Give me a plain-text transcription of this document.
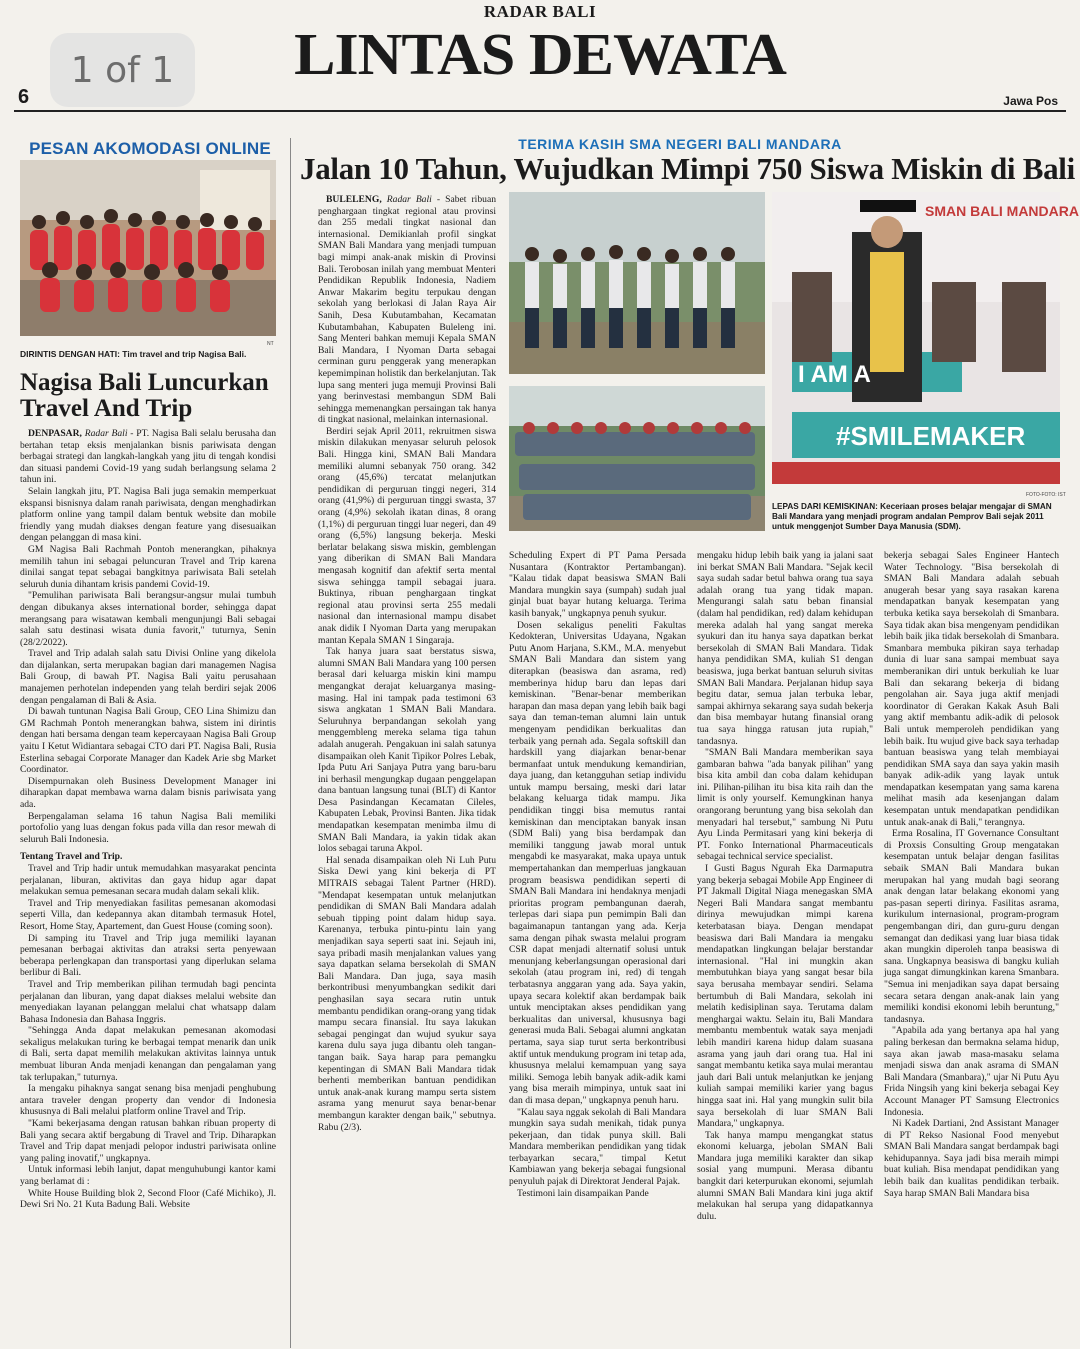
RADAR BALI
LINTAS DEWATA
6	Jawa Pos
1 of 1
PESAN AKOMODASI ONLINE
NT
DIRINTIS DENGAN HATI: Tim travel and trip Nagisa Bali.
Nagisa Bali Luncurkan Travel And Trip

DENPASAR, Radar Bali - PT. Nagisa Bali selalu berusaha dan bertahan tetap eksis menjalankan bisnis pariwisata dengan berbagai strategi dan langkah-langkah yang jitu di tengah kondisi dan situasi pandemi Covid-19 yang sudah berlangsung selama 2 tahun ini.

Selain langkah jitu, PT. Nagisa Bali juga semakin memperkuat ekspansi bisnisnya dalam ranah pariwisata, dengan menghadirkan platform online yang tampil dalam bentuk website dan mobile friendly yang mudah diakses dengan feature yang disesuaikan dengan pelanggan di masa kini.

GM Nagisa Bali Rachmah Pontoh menerangkan, pihaknya memilih tahun ini sebagai peluncuran Travel and Trip karena dinilai sangat tepat sebagai bangkitnya pariwisata Bali setelah seluruh dunia dihantam krisis pandemi Covid-19.

"Pemulihan pariwisata Bali berangsur-angsur mulai tumbuh dengan dibukanya akses international border, sehingga dapat merangsang para wisatawan kembali mengunjungi Bali sebagai salah satu destinasi wisata dunia favorit," tuturnya, Senin (28/2/2022).

Travel and Trip adalah salah satu Divisi Online yang dikelola dan dijalankan, serta merupakan bagian dari managemen Nagisa Bali Group, di bawah PT. Nagisa Bali yaitu perusahaan manajemen perhotelan independen yang telah berdiri sejak 2006 dengan pengalaman di Bali & Asia.

Di bawah tuntunan Nagisa Bali Group, CEO Lina Shimizu dan GM Rachmah Pontoh menerangkan bahwa, sistem ini dirintis dengan hati bersama dengan team kepercayaan Nagisa Bali Group yaitu I Ketut Widiantara sebagai CTO dari PT. Nagisa Bali, Rusia Esterlina sebagai Corporate Manager dan Kadek Arie sbg Market Coordinator.

Disempurnakan oleh Business Development Manager ini diharapkan dapat membawa warna dalam bisnis pariwisata yang ada.

Berpengalaman selama 16 tahun Nagisa Bali memiliki portofolio yang luas dengan fokus pada villa dan resor mewah di seluruh Bali Indonesia.

Tentang Travel and Trip.

Travel and Trip hadir untuk memudahkan masyarakat pencinta perjalanan, liburan, aktivitas dan gaya hidup agar dapat melakukan semua pemesanan secara mudah dalam sekali klik.

Travel and Trip menyediakan fasilitas pemesanan akomodasi seperti Villa, dan kedepannya akan ditambah termasuk Hotel, Resort, Home Stay, Apartement, dan Guest House (coming soon).

Di samping itu Travel and Trip juga memiliki layanan pemesanan berbagai aktivitas dan atraksi serta penyewaan beberapa perlengkapan dan transportasi yang diperlukan selama berlibur di Bali.

Travel and Trip memberikan pilihan termudah bagi pencinta perjalanan dan liburan, yang dapat diakses melalui website dan menyediakan layanan pelanggan melalui chat whatsapp dalam Bahasa Indonesia dan Bahasa Inggris.

"Sehingga Anda dapat melakukan pemesanan akomodasi sekaligus melakukan turing ke berbagai tempat menarik dan unik di Bali, serta dapat memilih melakukan aktivitas lainnya untuk membuat liburan Anda menjadi kenangan dan pengalaman yang tak terlupakan," tuturnya.

Ia mengaku pihaknya sangat senang bisa menjadi penghubung antara traveler dengan property dan vendor di Indonesia khususnya di Bali melalui platform online Travel and Trip.

"Kami bekerjasama dengan ratusan bahkan ribuan property di Bali yang secara aktif bergabung di Travel and Trip. Diharapkan Travel and Trip dapat menjadi pelopor industri pariwisata online yang paling inovatif," ungkapnya.

Untuk informasi lebih lanjut, dapat menguhubungi kantor kami yang berlamat di :

White House Building blok 2, Second Floor (Café Michiko), Jl. Dewi Sri No. 21 Kuta Badung Bali. Website

TERIMA KASIH SMA NEGERI BALI MANDARA
Jalan 10 Tahun, Wujudkan Mimpi 750 Siswa Miskin di Bali

BULELENG, Radar Bali - Sabet ribuan penghargaan tingkat regional atau provinsi dan 255 medali tingkat nasional dan internasional. Demikianlah profil singkat SMAN Bali Mandara yang menjadi tumpuan bagi mimpi anak-anak miskin di Provinsi Bali. Terobosan inilah yang membuat Menteri Pendidikan Republik Indonesia, Nadiem Anwar Makarim begitu terpukau dengan sekolah yang berlokasi di Jalan Raya Air Sanih, Desa Kubutambahan, Kecamatan Kubutambahan, Kabupaten Buleleng ini. Sang Menteri bahkan memuji Kepala SMAN Bali Mandara, I Nyoman Darta sebagai cerminan guru penggerak yang menerapkan kepemimpinan holistik dan berkelanjutan. Tak lupa sang menteri juga memuji Provinsi Bali yang berinvestasi membangun SDM Bali sehingga memenangkan persaingan tak hanya di tingkat nasional, melainkan internasional.

Berdiri sejak April 2011, rekruitmen siswa miskin dilakukan menyasar seluruh pelosok Bali. Hingga kini, SMAN Bali Mandara memiliki alumni sebanyak 750 orang. 342 orang (45,6%) tercatat melanjutkan pendidikan di perguruan tinggi negeri, 314 orang (41,9%) di perguruan tinggi swasta, 37 orang (4,9%) sekolah ikatan dinas, 8 orang (1,1%) di perguruan tinggi luar negeri, dan 49 orang (6,5%) langsung bekerja. Meski berlatar belakang siswa miskin, gemblengan yang diberikan di SMAN Bali Mandara mengasah kognitif dan afektif serta mental siswa sehingga tampil sebagai juara. Buktinya, ribuan penghargaan tingkat regional atau provinsi serta 255 medali nasional dan internasional mampu disabet anak didik I Nyoman Darta yang merupakan mantan Kepala SMAN 1 Singaraja.

Tak hanya juara saat berstatus siswa, alumni SMAN Bali Mandara yang 100 persen berasal dari keluarga miskin kini mampu mengangkat derajat keluarganya masing-masing. Hal ini tampak pada testimoni 63 siswa angkatan 1 SMAN Bali Mandara. Seluruhnya berpandangan sekolah yang menggembleng mereka selama tiga tahun adalah anugerah. Pengakuan ini salah satunya disampaikan oleh Kanit Tipikor Polres Lebak, Ipda Putu Ari Sanjaya Putra yang baru-baru ini berhasil mengungkap dugaan penggelapan dana bantuan langsung tunai (BLT) di Kantor Desa Pasindangan Kecamatan Cileles, Kabupaten Lebak, Provinsi Banten. Jika tidak mendapatkan kesempatan menimba ilmu di SMAN Bali Mandara, ia yakin tidak akan lolos sebagai taruna Akpol.

Hal senada disampaikan oleh Ni Luh Putu Siska Dewi yang kini bekerja di PT MITRAIS sebagai Talent Partner (HRD). "Mendapat kesempatan untuk melanjutkan pendidikan di SMAN Bali Mandara adalah sebuah tipping point dalam hidup saya. Karenanya, terbuka pintu-pintu lain yang menjadikan saya seperti saat ini. Sejauh ini, saya pribadi masih menjalankan values yang saya dapatkan selama bersekolah di SMAN Bali Mandara. Dan juga, saya masih berkontribusi menyumbangkan sedikit dari penghasilan saya secara rutin untuk membantu pendidikan orang-orang yang tidak mampu secara finansial. Itu saya lakukan sebagai pengingat dan wujud syukur saya karena dulu saya juga dibantu oleh tangan-tangan baik. Saya harap para pemangku kepentingan di SMAN Bali Mandara tidak berhenti memberikan bantuan pendidikan untuk anak-anak kurang mampu serta sistem asrama yang menurut saya benar-benar membangun karakter dengan baik," sebutnya. Rabu (2/3).

SMAN BALI MANDARA
I AM A
#SMILEMAKER
FOTO-FOTO: IST
LEPAS DARI KEMISKINAN: Keceriaan proses belajar mengajar di SMAN Bali Mandara yang menjadi program andalan Pemprov Bali sejak 2011 untuk menggenjot Sumber Daya Manusia (SDM).

Scheduling Expert di PT Pama Persada Nusantara (Kontraktor Pertambangan). "Kalau tidak dapat beasiswa SMAN Bali Mandara mungkin saya (sumpah) sudah jual ginjal buat bayar hutang keluarga. Terima kasih banyak," ungkapnya penuh syukur.

Dosen sekaligus peneliti Fakultas Kedokteran, Universitas Udayana, Ngakan Putu Anom Harjana, S.KM., M.A. menyebut SMAN Bali Mandara dan sistem yang diterapkan (beasiswa dan asrama, red) memberinya hidup baru dan lepas dari kemiskinan. "Benar-benar memberikan harapan dan masa depan yang lebih baik bagi saya dan teman-teman alumni lain untuk mengenyam pendidikan berkualitas dan terbaik yang pernah ada. Segala softskill dan hardskill yang diajarkan benar-benar bermanfaat untuk mendukung kemandirian, daya juang, dan ketangguhan setiap individu untuk mampu bersaing, meski dari latar belakang keluarga tidak mampu. Jika pendidikan tinggi bisa memutus rantai kemiskinan dan menciptakan banyak insan (SDM Bali) yang bisa berdampak dan memiliki tanggung jawab moral untuk mengabdi ke masyarakat, maka upaya untuk mempertahankan dan memperluas jangkauan program beasiswa pendidikan seperti di SMAN Bali Mandara ini hendaknya menjadi prioritas program pembangunan daerah, terlepas dari siapa pun pemimpin Bali dan bagaimanapun tantangan yang ada. Kerja sama dengan pihak swasta melalui program CSR dapat menjadi alternatif solusi untuk menunjang keberlangsungan operasional dari sekolah (atau program ini, red) di tengah terbatasnya anggaran yang ada. Saya yakin, upaya secara kolektif akan berdampak baik untuk menciptakan akses pendidikan yang berkualitas dan universal, khususnya bagi generasi muda Bali. Sebagai alumni angkatan pertama, saya siap turut serta berkontribusi aktif untuk mendukung program ini tetap ada, khususnya melalui kemampuan yang saya miliki. Semoga lebih banyak adik-adik kami yang bisa meraih mimpinya, untuk saat ini dan di masa depan," ungkapnya penuh haru.

"Kalau saya nggak sekolah di Bali Mandara mungkin saya sudah menikah, tidak punya pekerjaan, dan tidak punya skill. Bali Mandara memberikan pendidikan yang tidak terbayarkan secara," timpal Ketut Kambiawan yang bekerja sebagai fungsional penyuluh pajak di Direktorat Jenderal Pajak.

Testimoni lain disampaikan Pande

mengaku hidup lebih baik yang ia jalani saat ini berkat SMAN Bali Mandara. "Sejak kecil saya sudah sadar betul bahwa orang tua saya adalah orang tua yang tidak mapan. Mengurangi salah satu beban finansial (dalam hal pendidikan, red) dalam kehidupan mereka adalah hal yang sangat mereka syukuri dan itu hanya saya dapatkan berkat bersekolah di SMAN Bali Mandara. Tidak hanya pendidikan SMA, kuliah S1 dengan beasiswa, juga berkat bantuan seluruh sivitas SMAN Bali Mandara. Perjalanan hidup saya begitu datar, semua jalan terbuka lebar, sampai akhirnya sekarang saya sudah bekerja dan bisa membayar hutang finansial orang tua saya hingga ratusan juta rupiah," tandasnya.

"SMAN Bali Mandara memberikan saya gambaran bahwa "ada banyak pilihan" yang bisa kita ambil dan coba dalam kehidupan ini. Pilihan-pilihan itu bisa kita raih dan the limit is only yourself. Kemungkinan hanya orangorang beruntung yang bisa sekolah dan menyadari hal tersebut," sambung Ni Putu Ayu Linda Permitasari yang kini bekerja di PT. Fonko International Pharmaceuticals sebagai technical service specialist.

I Gusti Bagus Ngurah Eka Darmaputra yang bekerja sebagai Mobile App Engineer di PT Jakmall Digital Niaga menegaskan SMA Negeri Bali Mandara sangat membantu dirinya mewujudkan mimpi karena keterbatasan biaya. Dengan mendapat beasiswa dari Bali Mandara ia mengaku mendapatkan lingkungan belajar berstandar internasional. "Hal ini mungkin akan membutuhkan biaya yang sangat besar bila saya berusaha membayar sendiri. Selama bertumbuh di Bali Mandara, sekolah ini melatih kedisiplinan saya. Terutama dalam menghargai waktu. Selain itu, Bali Mandara membantu membentuk watak saya menjadi lebih mandiri karena hidup dalam suasana asrama yang jauh dari orang tua. Hal ini sangat membantu ketika saya mulai merantau jauh dari Bali untuk melanjutkan ke jenjang kuliah sampai memiliki karier yang bagus hingga saat ini. Hal yang mungkin sulit bila saya bersekolah di luar SMAN Bali Mandara," ungkapnya.

Tak hanya mampu mengangkat status ekonomi keluarga, jebolan SMAN Bali Mandara juga memiliki karakter dan sikap sosial yang mumpuni. Merasa dibantu bangkit dari keterpurukan ekonomi, sejumlah alumni SMAN Bali Mandara kini juga aktif melakukan hal serupa yang didapatkannya dulu.

bekerja sebagai Sales Engineer Hantech Water Technology. "Bisa bersekolah di SMAN Bali Mandara adalah sebuah anugerah besar yang saya rasakan karena mendapatkan banyak kesempatan yang terbuka ketika saya bersekolah di Smanbara. Saya tidak akan bisa mengenyam pendidikan lebih baik jika tidak bersekolah di Smanbara. Smanbara membuka pikiran saya terhadap dunia di luar sana sampai membuat saya memberanikan diri untuk berkuliah ke luar Bali dan sekarang bekerja di bidang pengolahan air. Saya juga aktif menjadi koordinator di Gerakan Kakak Asuh Bali yang aktif membantu adik-adik di pelosok Bali untuk memperoleh pendidikan yang lebih baik. Itu wujud give back saya terhadap bantuan beasiswa yang telah membiayai pendidikan SMA saya dan saya yakin masih banyak adik-adik yang layak untuk mendapatkan kesempatan yang sama karena melihat masih ada kesenjangan dalam kesempatan untuk mendapatkan pendidikan untuk anak-anak di Bali," terangnya.

Erma Rosalina, IT Governance Consultant di Proxsis Consulting Group mengatakan kesempatan untuk belajar dengan fasilitas sebaik SMAN Bali Mandara bukan merupakan hal yang mudah bagi seorang anak dengan latar belakang ekonomi yang pas-pasan seperti dirinya. Fasilitas asrama, kurikulum internasional, program-program pengembangan diri, dan guru-guru dengan semangat dan dedikasi yang luar biasa tidak akan mungkin diperoleh tanpa beasiswa di sana. Ungkapnya beasiswa di bangku kuliah juga sangat dimungkinkan karena Smanbara. "Semua ini menjadikan saya dapat bersaing secara setara dengan anak-anak lain yang memiliki kondisi ekonomi lebih beruntung," tandasnya.

"Apabila ada yang bertanya apa hal yang paling berkesan dan bermakna selama hidup, saya akan jawab masa-masaku selama menjadi siswa dan anak asrama di SMAN Bali Mandara (Smanbara)," ujar Ni Putu Ayu Frida Ningsih yang kini bekerja sebagai Key Account Manager PT Samsung Electronics Indonesia.

Ni Kadek Dartiani, 2nd Assistant Manager di PT Rekso Nasional Food menyebut SMAN Bali Mandara sangat berdampak bagi kehidupannya. Saya jadi bisa meraih mimpi buat kuliah. Bisa mendapat pendidikan yang lebih baik dan kualitas pendidikan terbaik. Saya harap SMAN Bali Mandara bisa
